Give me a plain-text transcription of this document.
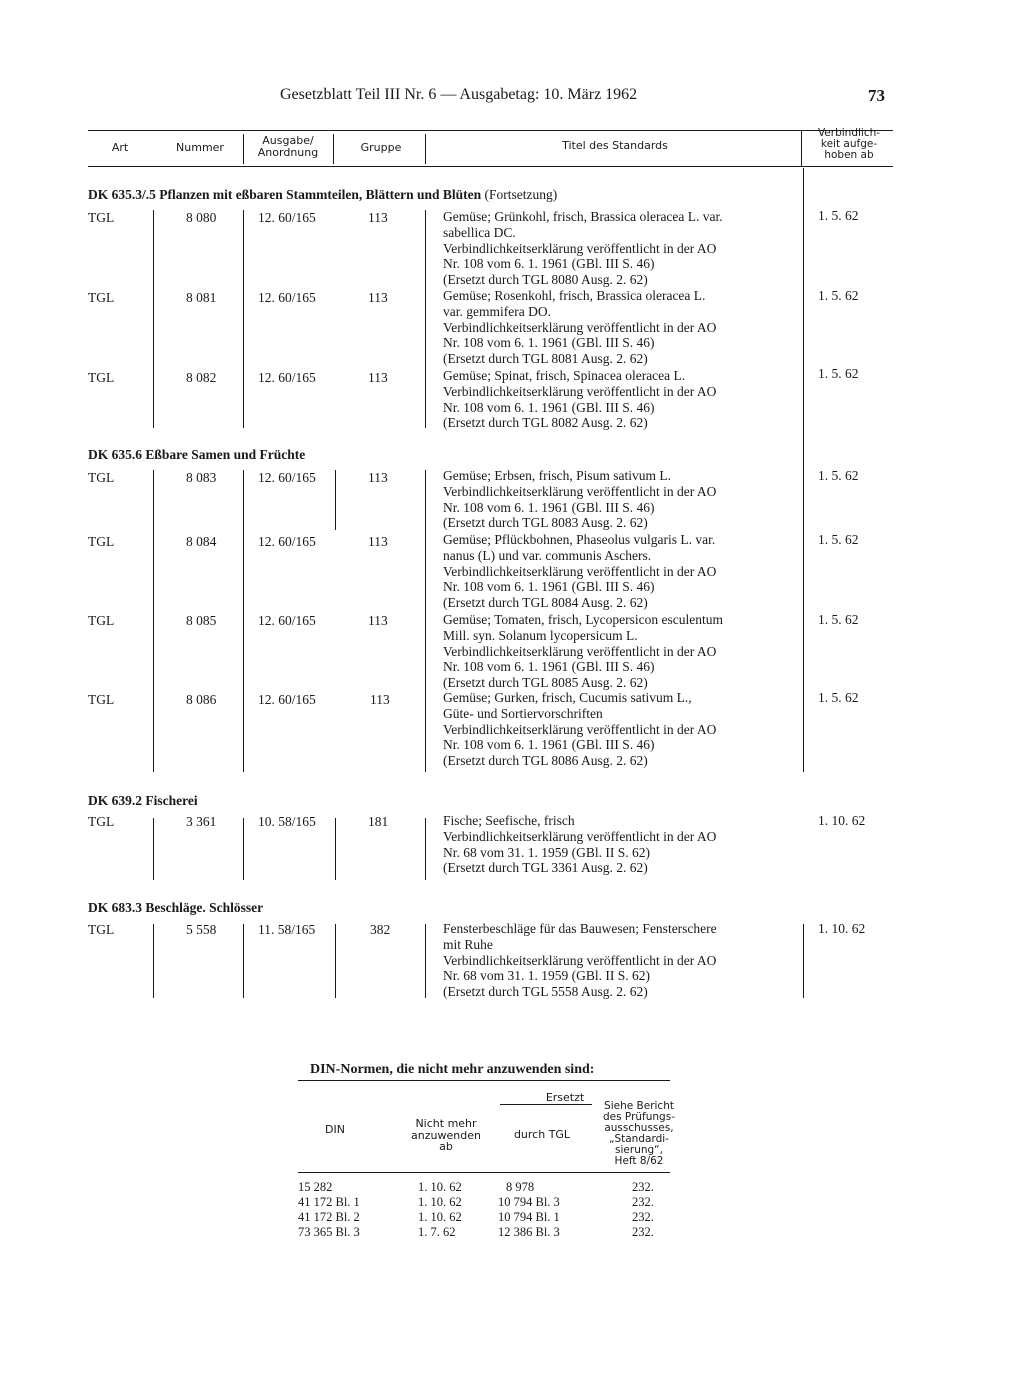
Gesetzblatt Teil III Nr. 6 — Ausgabetag: 10. März 1962	73
Art	Nummer
Ausgabe/
Anordnung	Gruppe	Titel des Standards
Verbindlich-
keit aufge-
hoben ab
DK 635.3/.5 Pflanzen mit eßbaren Stammteilen, Blättern und Blüten (Fortsetzung)
TGL	8 080	12. 60/165	113	Gemüse; Grünkohl, frisch, Brassica oleracea L. var.
sabellica DC.
Verbindlichkeitserklärung veröffentlicht in der AO
Nr. 108 vom 6. 1. 1961 (GBl. III S. 46)
(Ersetzt durch TGL 8080 Ausg. 2. 62)
1. 5. 62
TGL	8 081	12. 60/165	113	Gemüse; Rosenkohl, frisch, Brassica oleracea L.
var. gemmifera DO.
Verbindlichkeitserklärung veröffentlicht in der AO
Nr. 108 vom 6. 1. 1961 (GBl. III S. 46)
(Ersetzt durch TGL 8081 Ausg. 2. 62)
1. 5. 62
TGL	8 082	12. 60/165	113	Gemüse; Spinat, frisch, Spinacea oleracea L.
Verbindlichkeitserklärung veröffentlicht in der AO
Nr. 108 vom 6. 1. 1961 (GBl. III S. 46)
(Ersetzt durch TGL 8082 Ausg. 2. 62)
1. 5. 62
DK 635.6 Eßbare Samen und Früchte
TGL	8 083	12. 60/165	113	Gemüse; Erbsen, frisch, Pisum sativum L.
Verbindlichkeitserklärung veröffentlicht in der AO
Nr. 108 vom 6. 1. 1961 (GBl. III S. 46)
(Ersetzt durch TGL 8083 Ausg. 2. 62)
1. 5. 62
TGL	8 084	12. 60/165	113	Gemüse; Pflückbohnen, Phaseolus vulgaris L. var.
nanus (L) und var. communis Aschers.
Verbindlichkeitserklärung veröffentlicht in der AO
Nr. 108 vom 6. 1. 1961 (GBl. III S. 46)
(Ersetzt durch TGL 8084 Ausg. 2. 62)
1. 5. 62
TGL	8 085	12. 60/165	113	Gemüse; Tomaten, frisch, Lycopersicon esculentum
Mill. syn. Solanum lycopersicum L.
Verbindlichkeitserklärung veröffentlicht in der AO
Nr. 108 vom 6. 1. 1961 (GBl. III S. 46)
(Ersetzt durch TGL 8085 Ausg. 2. 62)
1. 5. 62
TGL	8 086	12. 60/165	113	Gemüse; Gurken, frisch, Cucumis sativum L.,
Güte- und Sortiervorschriften
Verbindlichkeitserklärung veröffentlicht in der AO
Nr. 108 vom 6. 1. 1961 (GBl. III S. 46)
(Ersetzt durch TGL 8086 Ausg. 2. 62)
1. 5. 62
DK 639.2 Fischerei
TGL	3 361	10. 58/165	181	Fische; Seefische, frisch
Verbindlichkeitserklärung veröffentlicht in der AO
Nr. 68 vom 31. 1. 1959 (GBl. II S. 62)
(Ersetzt durch TGL 3361 Ausg. 2. 62)
1. 10. 62
DK 683.3 Beschläge. Schlösser
TGL	5 558	11. 58/165	382	Fensterbeschläge für das Bauwesen; Fensterschere
mit Ruhe
Verbindlichkeitserklärung veröffentlicht in der AO
Nr. 68 vom 31. 1. 1959 (GBl. II S. 62)
(Ersetzt durch TGL 5558 Ausg. 2. 62)
1. 10. 62
DIN-Normen, die nicht mehr anzuwenden sind:
DIN	Nicht mehr
anzuwenden
ab
Ersetzt
durch TGL
Siehe Bericht
des Prüfungs-
ausschusses,
„Standardi-
sierung“,
Heft 8/62
15 282	1. 10. 62	8 978	232.
41 172 Bl. 1	1. 10. 62	10 794 Bl. 3	232.
41 172 Bl. 2	1. 10. 62	10 794 Bl. 1	232.
73 365 Bl. 3	1. 7. 62	12 386 Bl. 3	232.
